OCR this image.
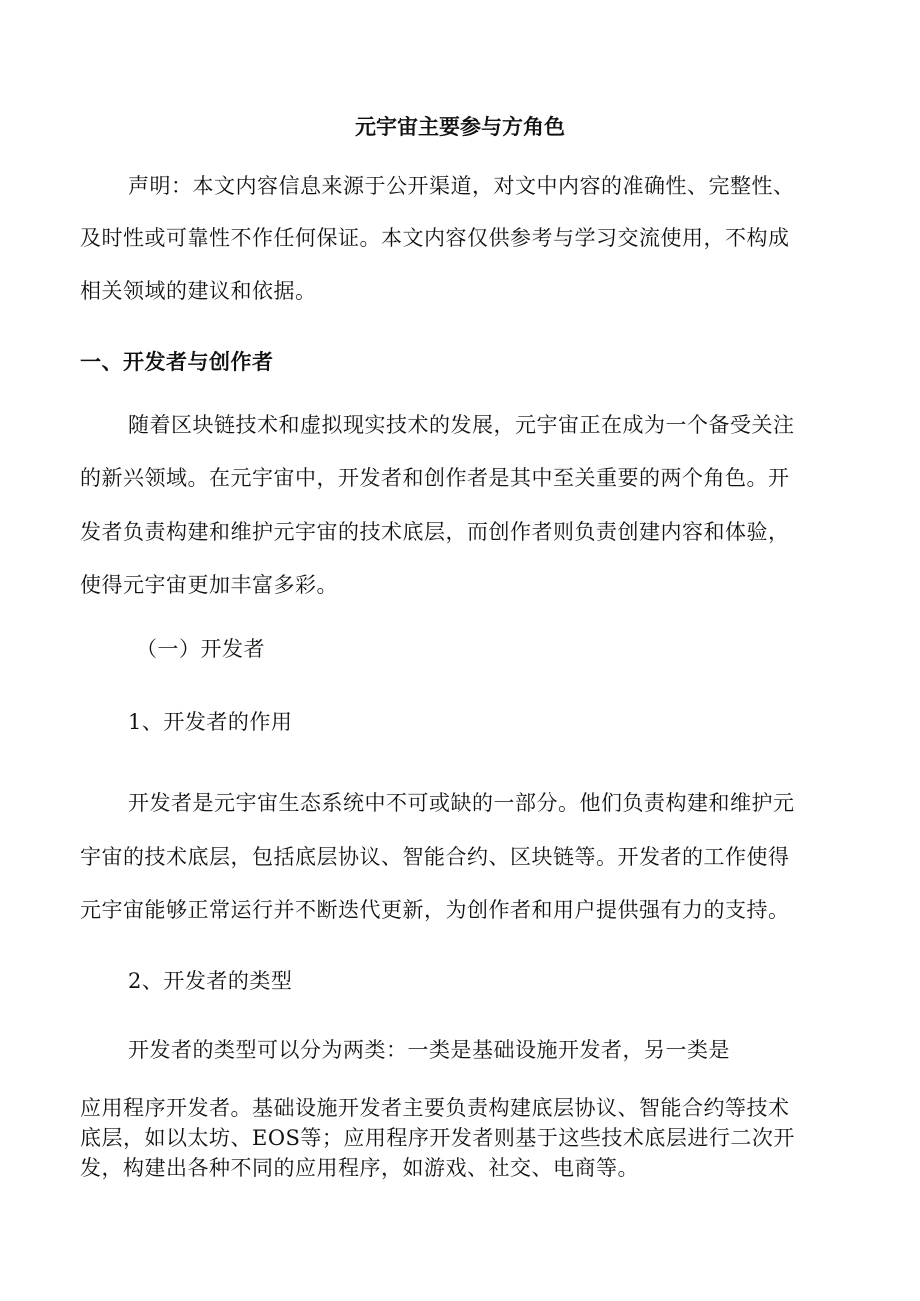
元宇宙主要参与方角色
声明：本文内容信息来源于公开渠道，对文中内容的准确性、完整性、
及时性或可靠性不作任何保证。本文内容仅供参考与学习交流使用，不构成
相关领域的建议和依据。
一、开发者与创作者
随着区块链技术和虚拟现实技术的发展，元宇宙正在成为一个备受关注
的新兴领域。在元宇宙中，开发者和创作者是其中至关重要的两个角色。开
发者负责构建和维护元宇宙的技术底层，而创作者则负责创建内容和体验，
使得元宇宙更加丰富多彩。
（一）开发者
1、开发者的作用
开发者是元宇宙生态系统中不可或缺的一部分。他们负责构建和维护元
宇宙的技术底层，包括底层协议、智能合约、区块链等。开发者的工作使得
元宇宙能够正常运行并不断迭代更新，为创作者和用户提供强有力的支持。
2、开发者的类型
开发者的类型可以分为两类：一类是基础设施开发者，另一类是
应用程序开发者。基础设施开发者主要负责构建底层协议、智能合约等技术
底层，如以太坊、EOS等；应用程序开发者则基于这些技术底层进行二次开
发，构建出各种不同的应用程序，如游戏、社交、电商等。
